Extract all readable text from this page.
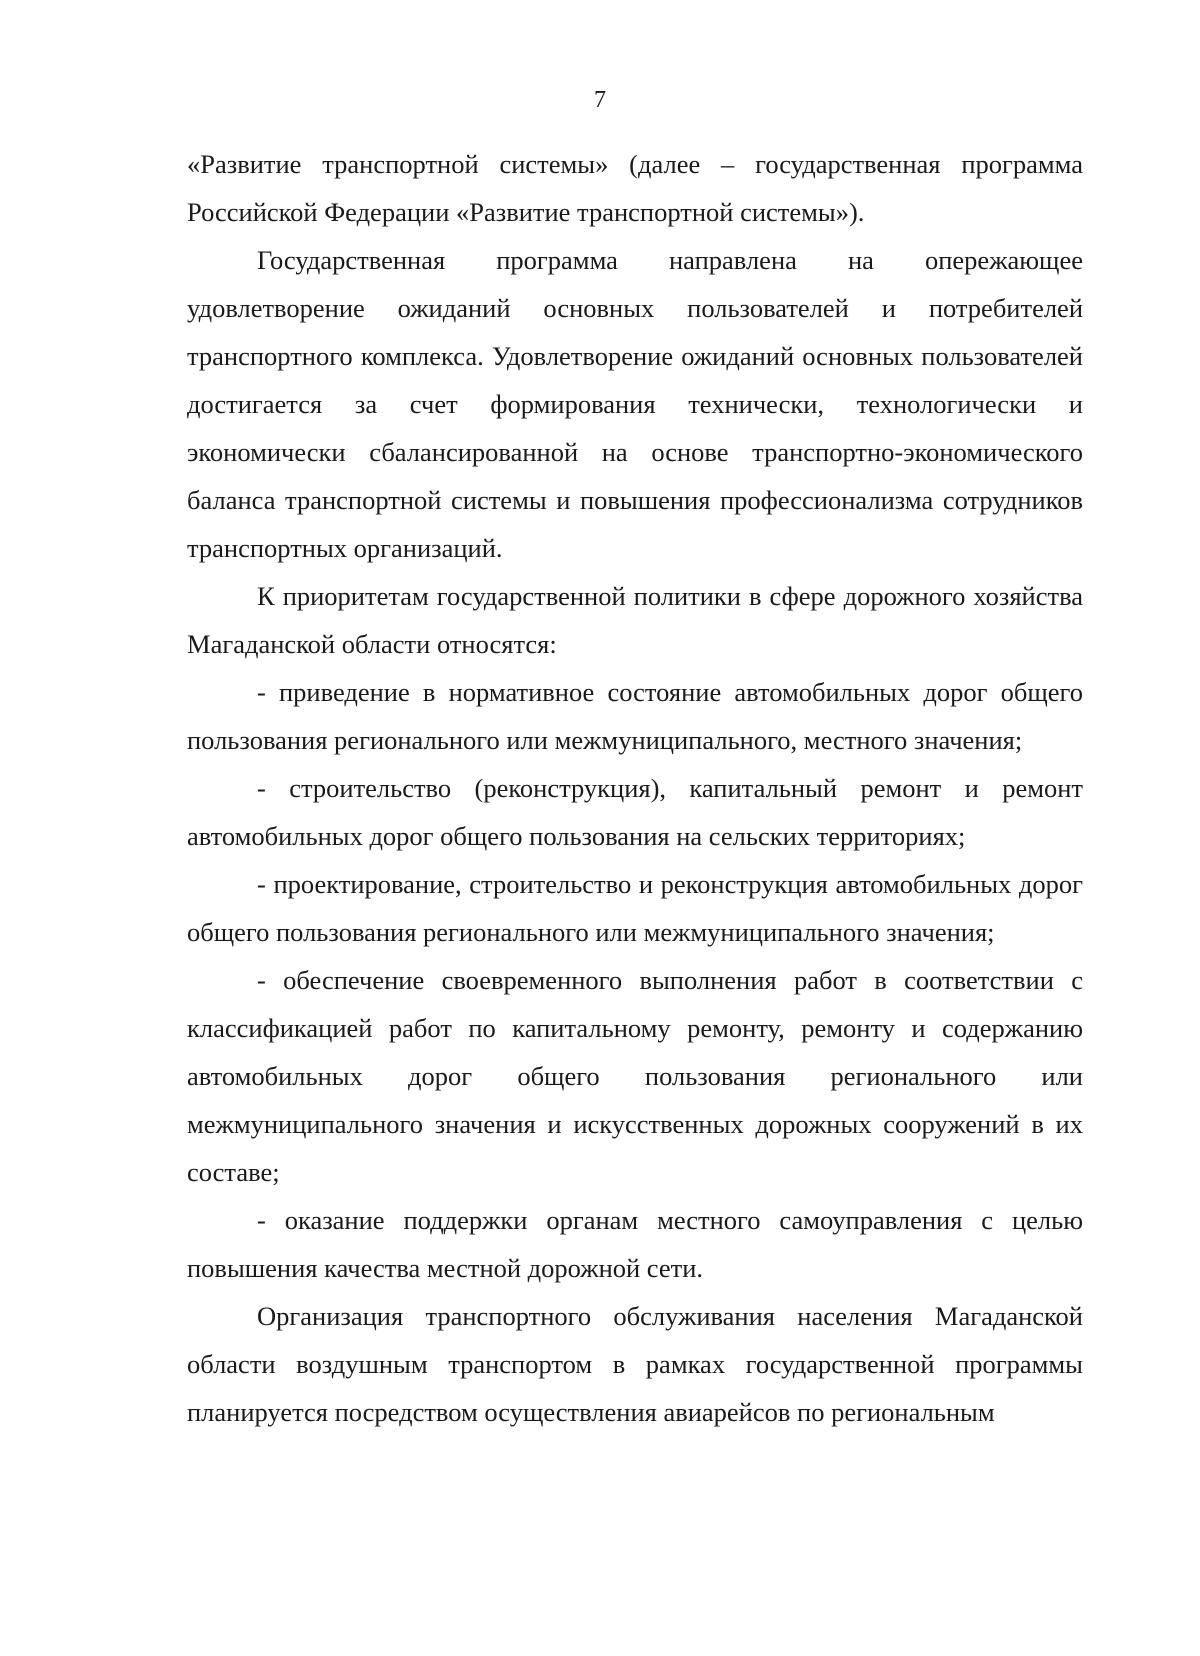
7

«Развитие транспортной системы» (далее – государственная программа Российской Федерации «Развитие транспортной системы»).

Государственная программа направлена на опережающее удовлетворение ожиданий основных пользователей и потребителей транспортного комплекса. Удовлетворение ожиданий основных пользователей достигается за счет формирования технически, технологически и экономически сбалансированной на основе транспортно-экономического баланса транспортной системы и повышения профессионализма сотрудников транспортных организаций.

К приоритетам государственной политики в сфере дорожного хозяйства Магаданской области относятся:

- приведение в нормативное состояние автомобильных дорог общего пользования регионального или межмуниципального, местного значения;

- строительство (реконструкция), капитальный ремонт и ремонт автомобильных дорог общего пользования на сельских территориях;

- проектирование, строительство и реконструкция автомобильных дорог общего пользования регионального или межмуниципального значения;

- обеспечение своевременного выполнения работ в соответствии с классификацией работ по капитальному ремонту, ремонту и содержанию автомобильных дорог общего пользования регионального или межмуниципального значения и искусственных дорожных сооружений в их составе;

- оказание поддержки органам местного самоуправления с целью повышения качества местной дорожной сети.

Организация транспортного обслуживания населения Магаданской области воздушным транспортом в рамках государственной программы планируется посредством осуществления авиарейсов по региональным
